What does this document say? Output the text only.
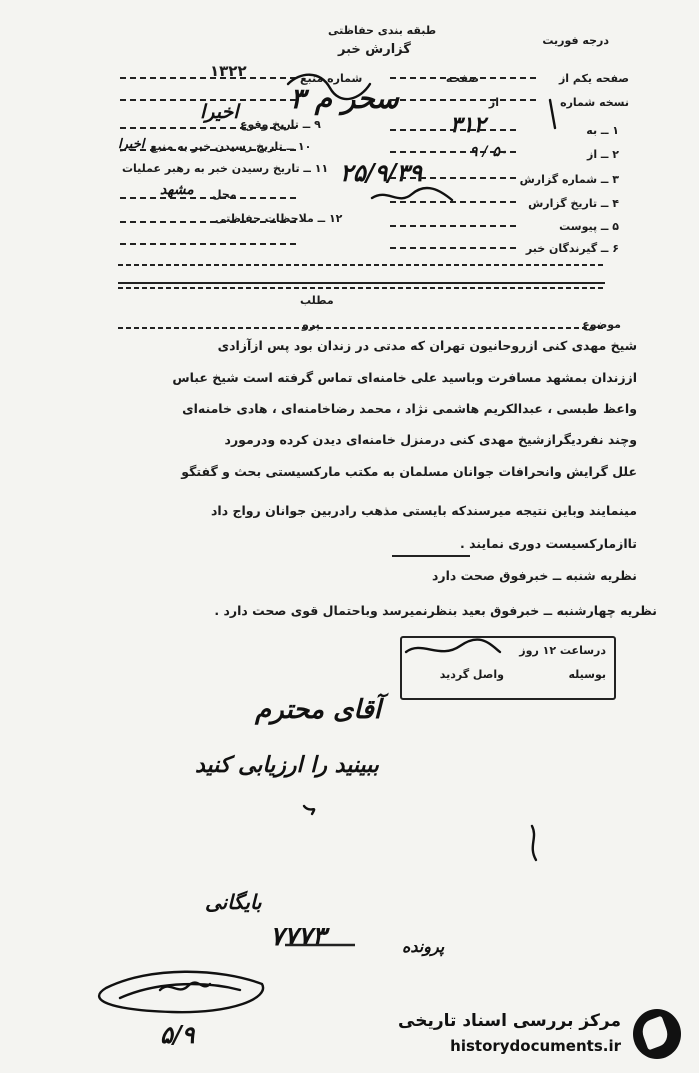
درجه فوریت
طبقه بندی حفاظتی
گزارش خبر
۱۳۲۲	شماره منبع
۹ ــ تاریخ وقوع
اخیرا
۱۰ ــ تاریخ رسیدن خبر به منبع
اخیرا
۱۱ ــ تاریخ رسیدن خبر به رهبر عملیات ۲۵/۹/۳۹
محل
مشهد
۱۲ ــ ملاحظات حفاظتی
صفحه یکم از
صفحه
نسخه شماره
از
۱ ــ به
۳۱۲
۲ ــ از
۹ / ۵۰
۳ ــ شماره گزارش
۴ ــ تاریخ گزارش
۵ ــ پیوست
۶ ــ گیرندگان خبر
سحر م ۳
موضوع
مطلب
پرو
شیخ مهدی کنی ازروحانیون تهران که مدتی در زندان بود پس ازآزادی
اززندان بمشهد مسافرت وباسید علی خامنه‌ای تماس گرفته است شیخ عباس
واعظ طبسی ، عبدالکریم هاشمی نژاد ، محمد رضاخامنه‌ای ، هادی خامنه‌ای
وچند نفردیگرازشیخ مهدی کنی درمنزل خامنه‌ای دیدن کرده ودرمورد
علل گرایش وانحرافات جوانان مسلمان به مکتب مارکسیستی بحث و گفتگو
مینمایند وباین نتیجه میرسندکه بایستی مذهب رادربین جوانان رواج داد
تاازمارکسیست دوری نمایند .
نظریه شنبه ــ خبرفوق صحت دارد
نظریه چهارشنبه ــ خبرفوق بعید بنظرنمیرسد وباحتمال قوی صحت دارد .
درساعت ۱۲ روز
بوسیله
واصل گردید
آقای محترم
ببینید را ارزیابی کنید
۷۷۷۳
بایگانی
پرونده
۵/۹	مرکز بررسی اسناد تاریخی
historydocuments.ir
